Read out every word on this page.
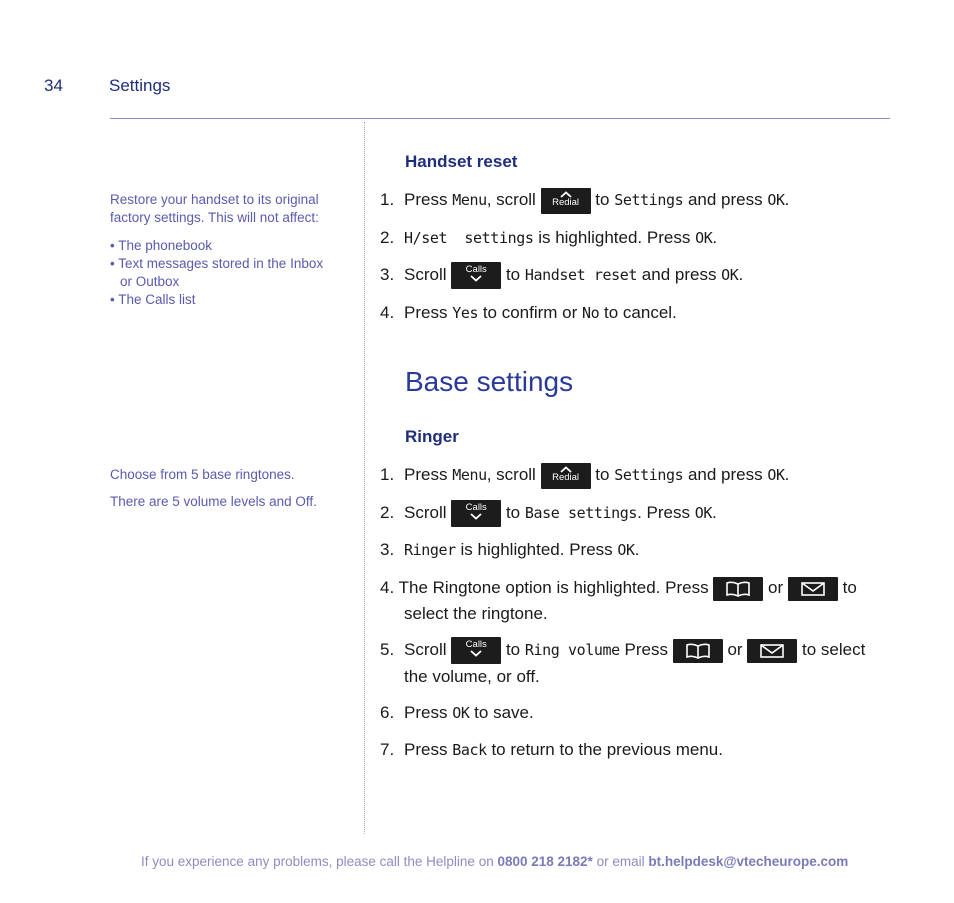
34	Settings

Restore your handset to its original factory settings. This will not affect:

• The phonebook
• Text messages stored in the Inbox or Outbox
• The Calls list

Choose from 5 base ringtones.

There are 5 volume levels and Off.

Handset reset
1. Press Menu, scroll Redial to Settings and press OK.
2. H/set  settings is highlighted. Press OK.
3. Scroll	Calls to Handset reset and press OK.
4. Press Yes to confirm or No to cancel.
Base settings
Ringer
1. Press Menu, scroll Redial to Settings and press OK.
2. Scroll	Calls to Base settings. Press OK.
3. Ringer is highlighted. Press OK.
4. The Ringtone option is highlighted. Press	or	to
select the ringtone.
5. Scroll	Calls to Ring volume Press	or	to select
the volume, or off.
6. Press OK to save.
7. Press Back to return to the previous menu.
If you experience any problems, please call the Helpline on 0800 218 2182* or email bt.helpdesk@vtecheurope.com
